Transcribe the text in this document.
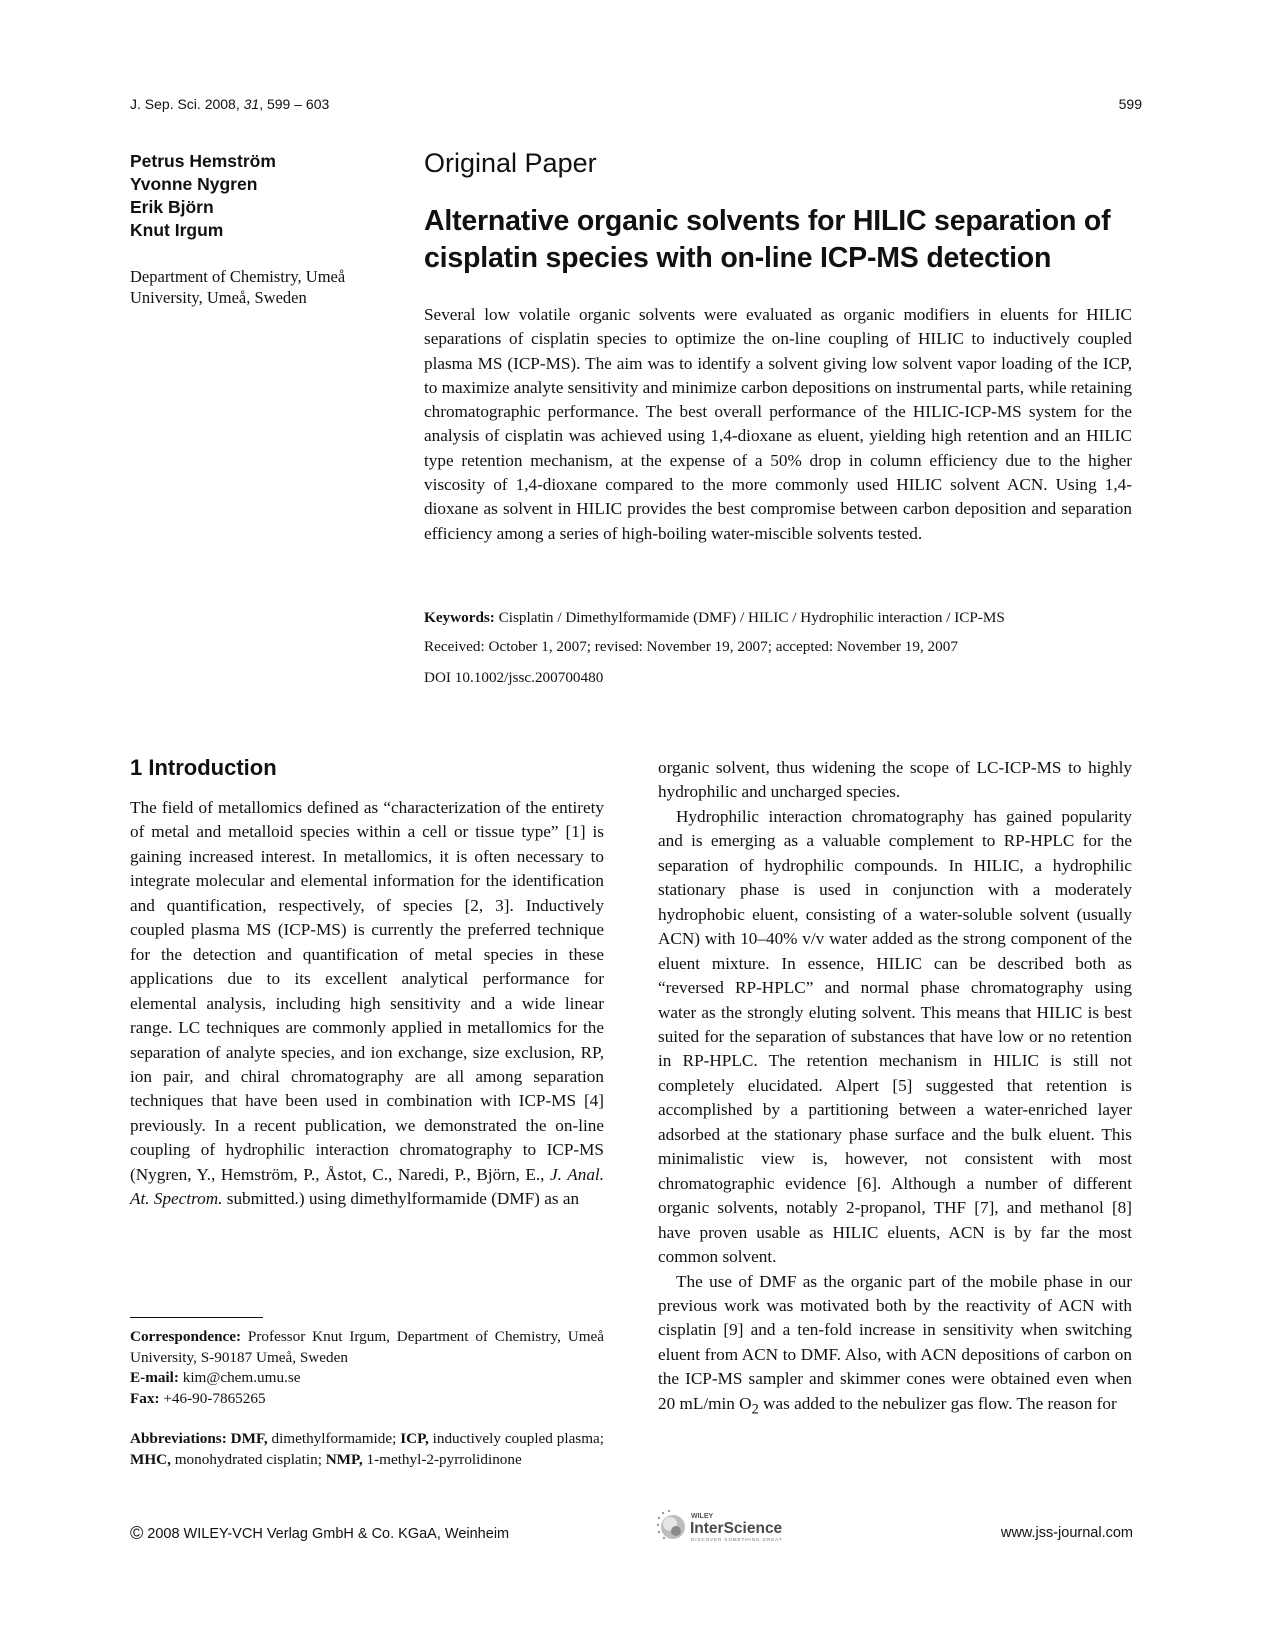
J. Sep. Sci. 2008, 31, 599 – 603	599
Petrus Hemström
Yvonne Nygren
Erik Björn
Knut Irgum
Department of Chemistry, Umeå University, Umeå, Sweden
Original Paper
Alternative organic solvents for HILIC separation of
cisplatin species with on-line ICP-MS detection
Several low volatile organic solvents were evaluated as organic modifiers in eluents for HILIC separations of cisplatin species to optimize the on-line coupling of HILIC to inductively coupled plasma MS (ICP-MS). The aim was to identify a solvent giving low solvent vapor loading of the ICP, to maximize analyte sensitivity and minimize carbon depositions on instrumental parts, while retaining chromatographic performance. The best overall performance of the HILIC-ICP-MS system for the analysis of cisplatin was achieved using 1,4-dioxane as eluent, yielding high retention and an HILIC type retention mechanism, at the expense of a 50% drop in column efficiency due to the higher viscosity of 1,4-dioxane compared to the more commonly used HILIC solvent ACN. Using 1,4-dioxane as solvent in HILIC provides the best compromise between carbon deposition and separation efficiency among a series of high-boiling water-miscible solvents tested.
Keywords: Cisplatin / Dimethylformamide (DMF) / HILIC / Hydrophilic interaction / ICP-MS
Received: October 1, 2007; revised: November 19, 2007; accepted: November 19, 2007
DOI 10.1002/jssc.200700480
1 Introduction

The field of metallomics defined as “characterization of the entirety of metal and metalloid species within a cell or tissue type” [1] is gaining increased interest. In metallomics, it is often necessary to integrate molecular and elemental information for the identification and quantification, respectively, of species [2, 3]. Inductively coupled plasma MS (ICP-MS) is currently the preferred technique for the detection and quantification of metal species in these applications due to its excellent analytical performance for elemental analysis, including high sensitivity and a wide linear range. LC techniques are commonly applied in metallomics for the separation of analyte species, and ion exchange, size exclusion, RP, ion pair, and chiral chromatography are all among separation techniques that have been used in combination with ICP-MS [4] previously. In a recent publication, we demonstrated the on-line coupling of hydrophilic interaction chromatography to ICP-MS (Nygren, Y., Hemström, P., Åstot, C., Naredi, P., Björn, E., J. Anal. At. Spectrom. submitted.) using dimethylformamide (DMF) as an

organic solvent, thus widening the scope of LC-ICP-MS to highly hydrophilic and uncharged species.

Hydrophilic interaction chromatography has gained popularity and is emerging as a valuable complement to RP-HPLC for the separation of hydrophilic compounds. In HILIC, a hydrophilic stationary phase is used in conjunction with a moderately hydrophobic eluent, consisting of a water-soluble solvent (usually ACN) with 10–40% v/v water added as the strong component of the eluent mixture. In essence, HILIC can be described both as “reversed RP-HPLC” and normal phase chromatography using water as the strongly eluting solvent. This means that HILIC is best suited for the separation of substances that have low or no retention in RP-HPLC. The retention mechanism in HILIC is still not completely elucidated. Alpert [5] suggested that retention is accomplished by a partitioning between a water-enriched layer adsorbed at the stationary phase surface and the bulk eluent. This minimalistic view is, however, not consistent with most chromatographic evidence [6]. Although a number of different organic solvents, notably 2-propanol, THF [7], and methanol [8] have proven usable as HILIC eluents, ACN is by far the most common solvent.

The use of DMF as the organic part of the mobile phase in our previous work was motivated both by the reactivity of ACN with cisplatin [9] and a ten-fold increase in sensitivity when switching eluent from ACN to DMF. Also, with ACN depositions of carbon on the ICP-MS sampler and skimmer cones were obtained even when 20 mL/min $O_2$ was added to the nebulizer gas flow. The reason for

Correspondence: Professor Knut Irgum, Department of Chemistry, Umeå University, S-90187 Umeå, Sweden

E-mail: kim@chem.umu.se

Fax: +46-90-7865265

Abbreviations: DMF, dimethylformamide; ICP, inductively coupled plasma; MHC, monohydrated cisplatin; NMP, 1-methyl-2-pyrrolidinone

© 2008 WILEY-VCH Verlag GmbH & Co. KGaA, Weinheim
WILEY
InterScience
DISCOVER SOMETHING GREAT	www.jss-journal.com
